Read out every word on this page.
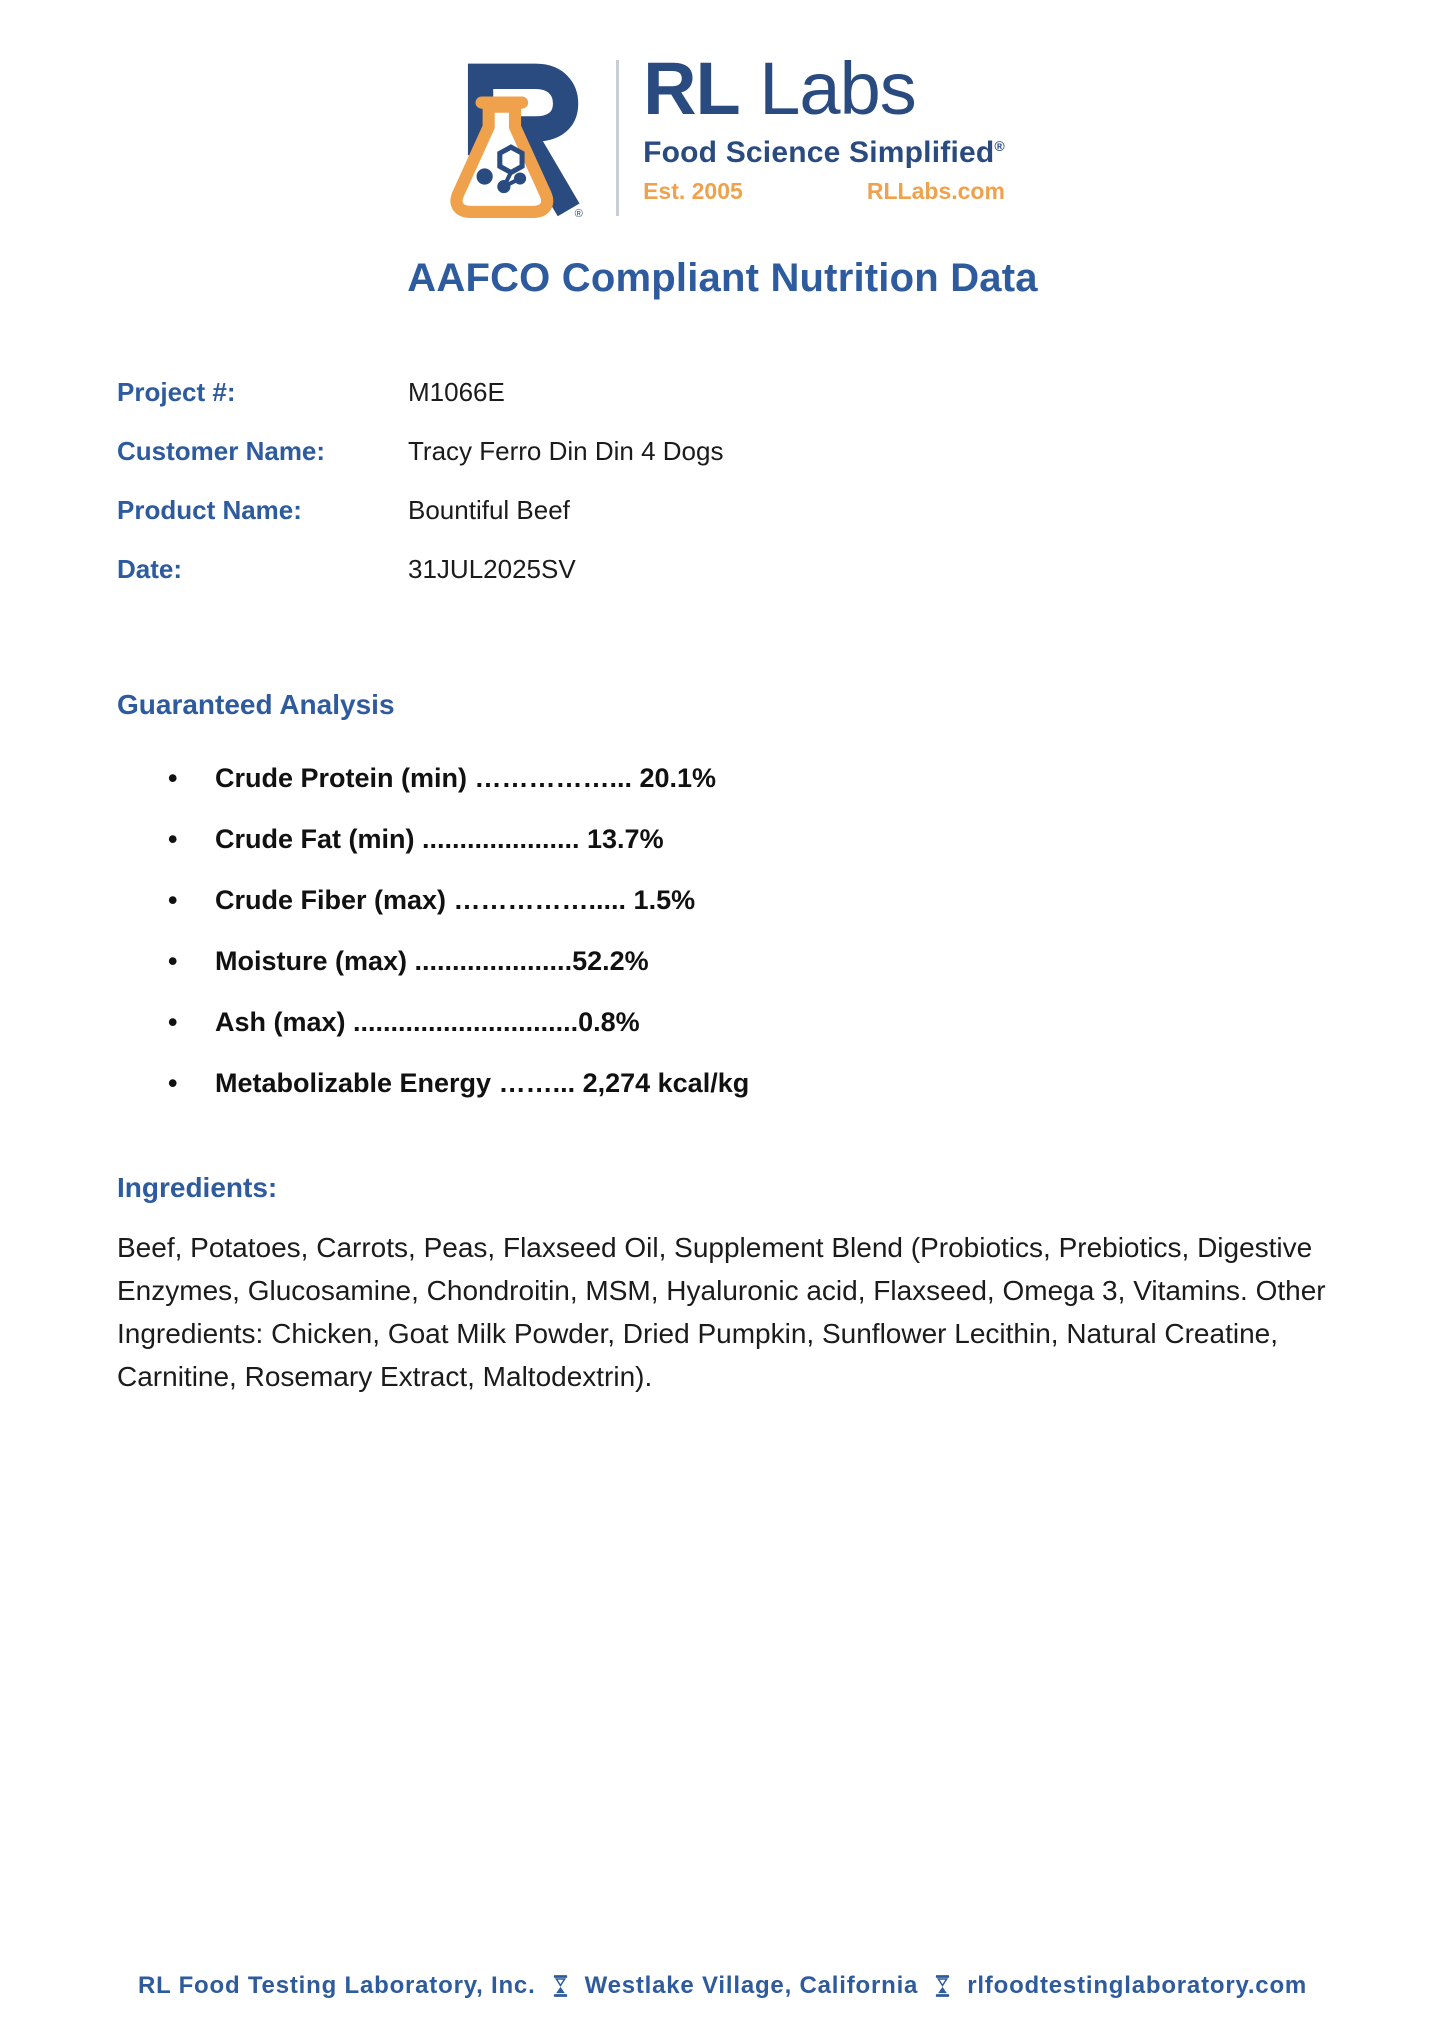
®
RL Labs
Food Science Simplified®
Est. 2005	RLLabs.com
AAFCO Compliant Nutrition Data
Project #:	M1066E
Customer Name:	Tracy Ferro Din Din 4 Dogs
Product Name:	Bountiful Beef
Date:	31JUL2025SV
Guaranteed Analysis
•	Crude Protein (min) ……………... 20.1%
•	Crude Fat (min) ..................... 13.7%
•	Crude Fiber (max) ……………..... 1.5%
•	Moisture (max) .....................52.2%
•	Ash (max) ..............................0.8%
•	Metabolizable Energy ……... 2,274 kcal/kg
Ingredients:

Beef, Potatoes, Carrots, Peas, Flaxseed Oil, Supplement Blend (Probiotics, Prebiotics, Digestive Enzymes, Glucosamine, Chondroitin, MSM, Hyaluronic acid, Flaxseed, Omega 3, Vitamins. Other Ingredients: Chicken, Goat Milk Powder, Dried Pumpkin, Sunflower Lecithin, Natural Creatine, Carnitine, Rosemary Extract, Maltodextrin).

RL Food Testing Laboratory, Inc. Westlake Village, California rlfoodtestinglaboratory.com
